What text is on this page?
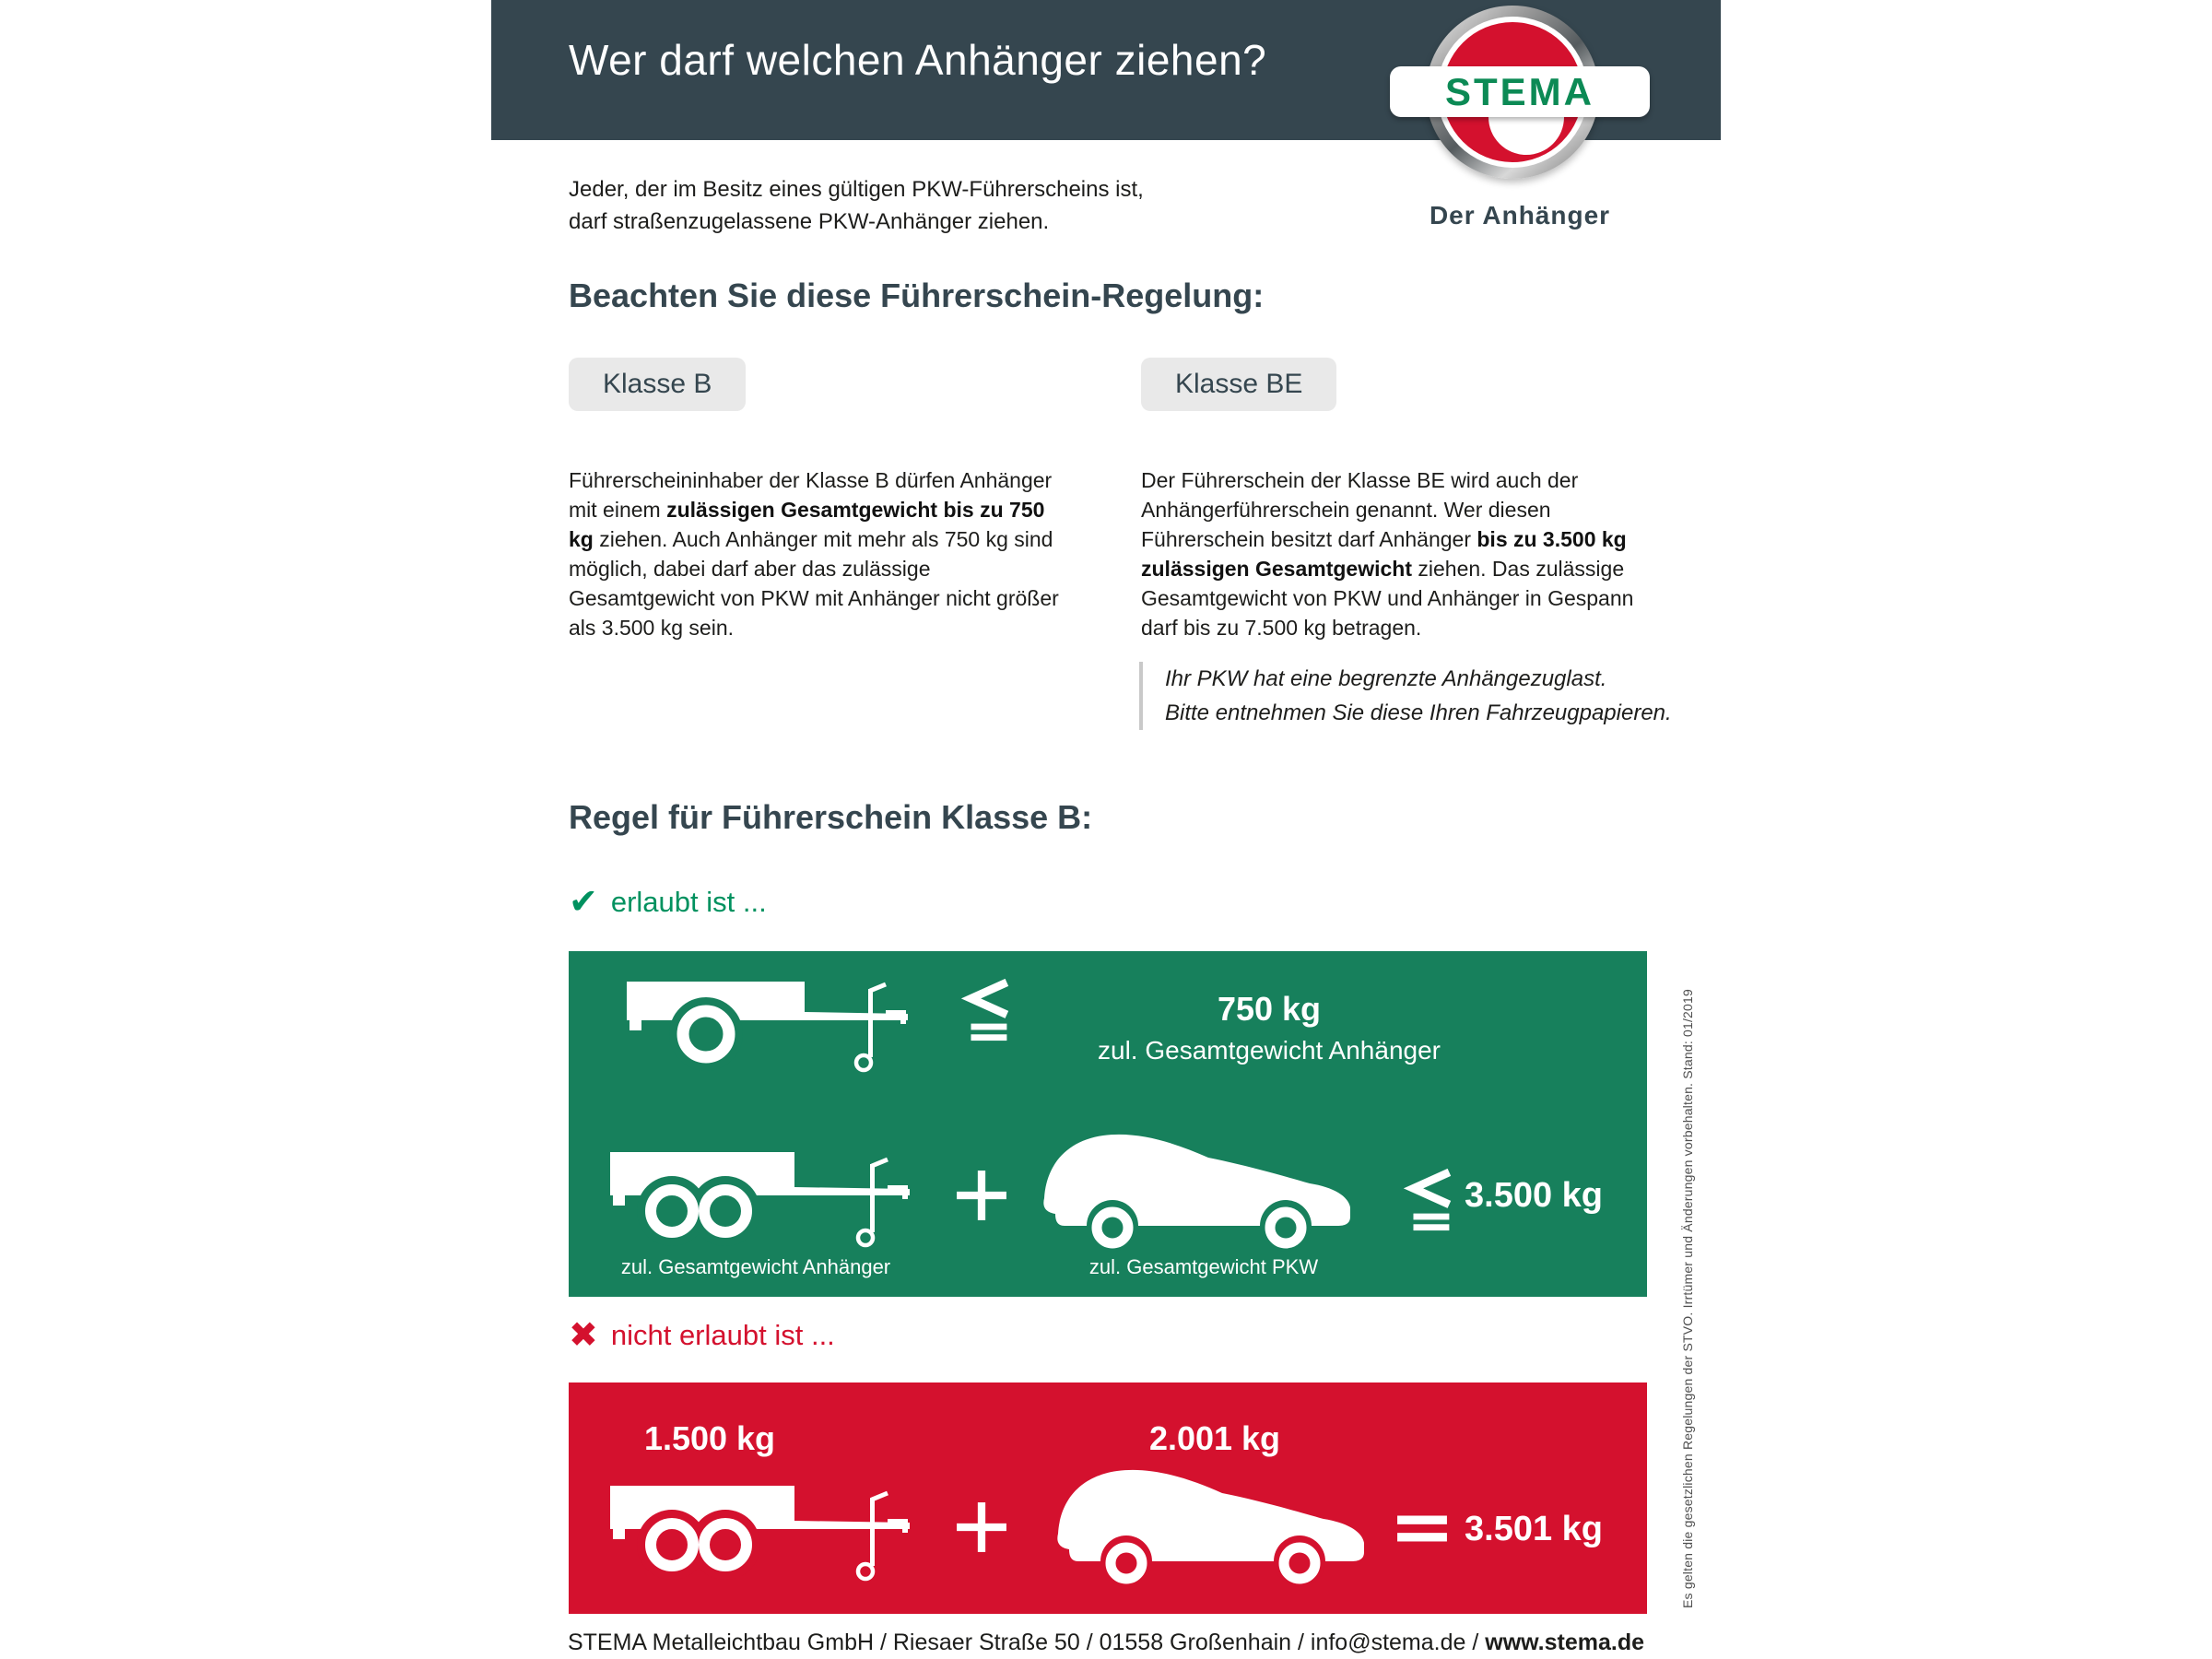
Wer darf welchen Anhänger ziehen?
STEMA
Der Anhänger
Jeder, der im Besitz eines gültigen PKW-Führerscheins ist,
darf straßenzugelassene PKW-Anhänger ziehen.
Beachten Sie diese Führerschein-Regelung:
Klasse B	Klasse BE
Führerscheininhaber der Klasse B dürfen Anhänger mit einem zulässigen Gesamtgewicht bis zu 750 kg ziehen. Auch Anhänger mit mehr als 750 kg sind möglich, dabei darf aber das zulässige Gesamtgewicht von PKW mit Anhänger nicht größer als 3.500 kg sein.
Der Führerschein der Klasse BE wird auch der Anhängerführerschein genannt. Wer diesen Führerschein besitzt darf Anhänger bis zu 3.500 kg zulässigen Gesamtgewicht ziehen. Das zulässige Gesamtgewicht von PKW und Anhänger in Gespann darf bis zu 7.500 kg betragen.
Ihr PKW hat eine begrenzte Anhängezuglast.
Bitte entnehmen Sie diese Ihren Fahrzeugpapieren.
Regel für Führerschein Klasse B:
✔ erlaubt ist ...
750 kg
zul. Gesamtgewicht Anhänger
zul. Gesamtgewicht Anhänger	zul. Gesamtgewicht PKW
3.500 kg
✖ nicht erlaubt ist ...
1.500 kg	2.001 kg
3.501 kg
STEMA Metalleichtbau GmbH / Riesaer Straße 50 / 01558 Großenhain / info@stema.de / www.stema.de
Es gelten die gesetzlichen Regelungen der STVO. Irrtümer und Änderungen vorbehalten. Stand: 01/2019
